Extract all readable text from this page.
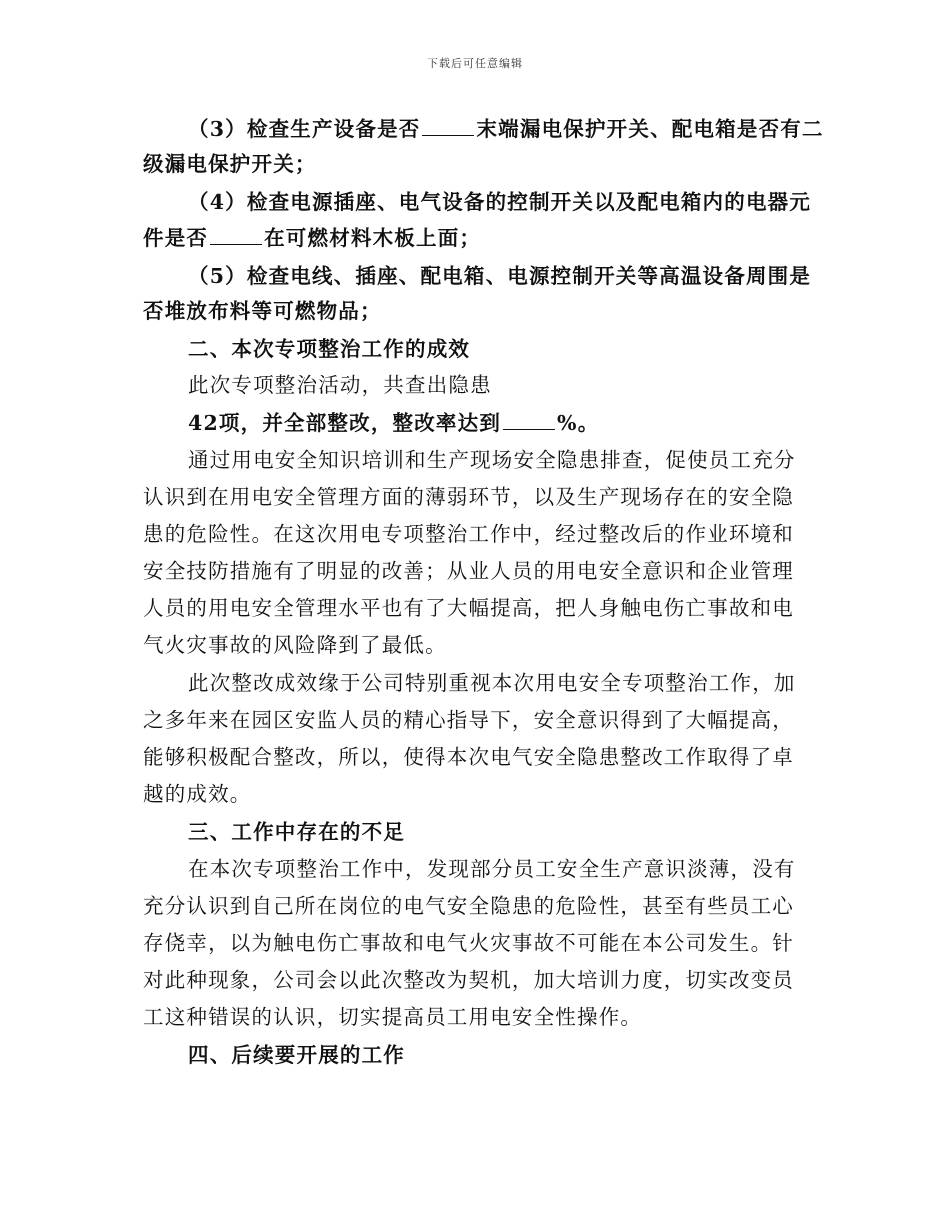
下载后可任意编辑
（3）检查生产设备是否	末端漏电保护开关、配电箱是否有二
级漏电保护开关；
（4）检查电源插座、电气设备的控制开关以及配电箱内的电器元
件是否	在可燃材料木板上面；
（5）检查电线、插座、配电箱、电源控制开关等高温设备周围是
否堆放布料等可燃物品；
二、本次专项整治工作的成效
此次专项整治活动，共查出隐患
42项，并全部整改，整改率达到	%。
通过用电安全知识培训和生产现场安全隐患排查，促使员工充分
认识到在用电安全管理方面的薄弱环节，以及生产现场存在的安全隐
患的危险性。在这次用电专项整治工作中，经过整改后的作业环境和
安全技防措施有了明显的改善；从业人员的用电安全意识和企业管理
人员的用电安全管理水平也有了大幅提高，把人身触电伤亡事故和电
气火灾事故的风险降到了最低。
此次整改成效缘于公司特别重视本次用电安全专项整治工作，加
之多年来在园区安监人员的精心指导下，安全意识得到了大幅提高，
能够积极配合整改，所以，使得本次电气安全隐患整改工作取得了卓
越的成效。
三、工作中存在的不足
在本次专项整治工作中，发现部分员工安全生产意识淡薄，没有
充分认识到自己所在岗位的电气安全隐患的危险性，甚至有些员工心
存侥幸，以为触电伤亡事故和电气火灾事故不可能在本公司发生。针
对此种现象，公司会以此次整改为契机，加大培训力度，切实改变员
工这种错误的认识，切实提高员工用电安全性操作。
四、后续要开展的工作
